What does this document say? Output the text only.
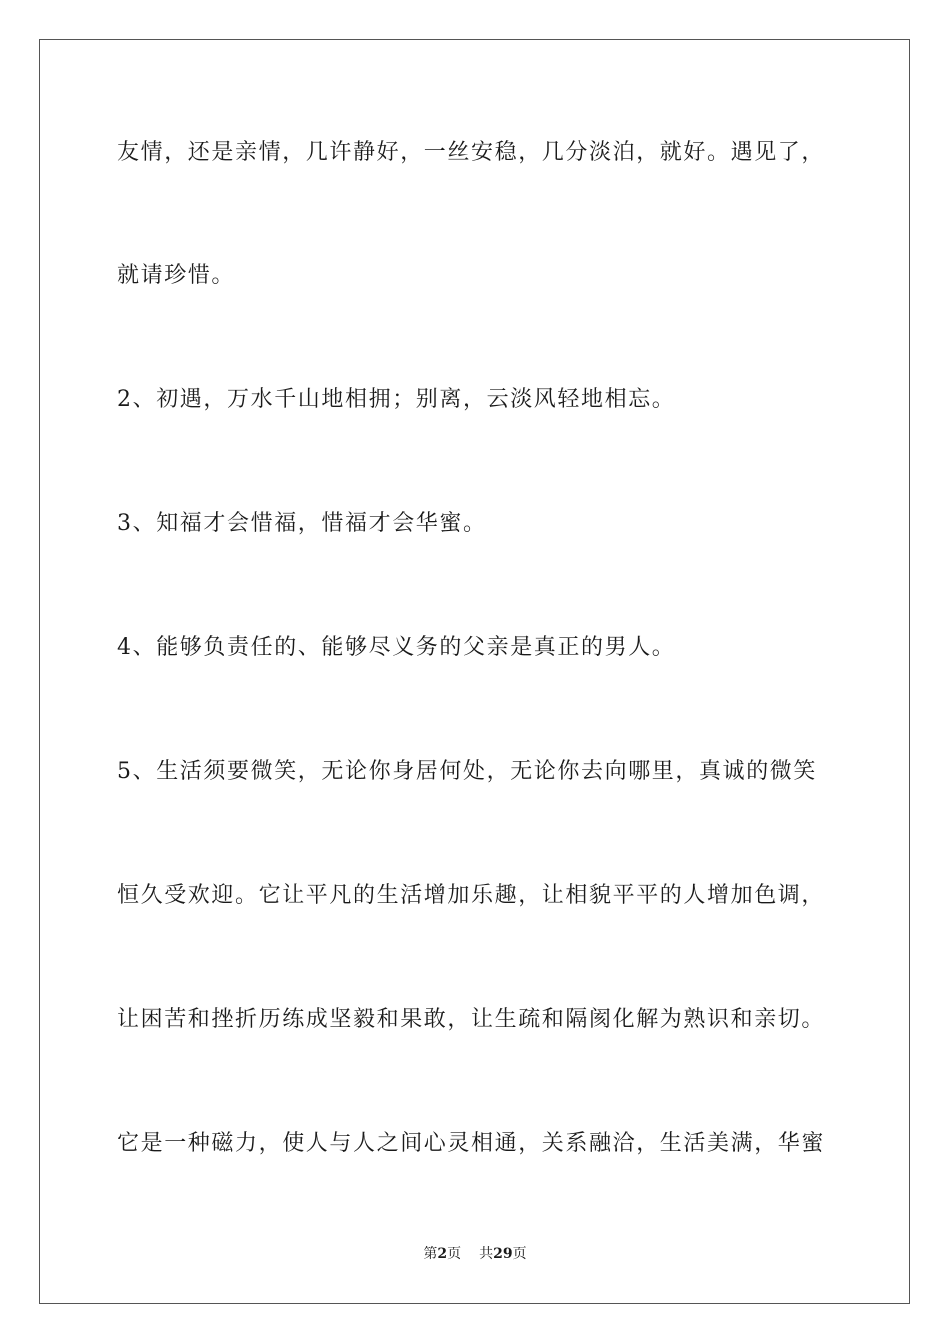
友情，还是亲情，几许静好，一丝安稳，几分淡泊，就好。遇见了，
就请珍惜。
2、初遇，万水千山地相拥；别离，云淡风轻地相忘。
3、知福才会惜福，惜福才会华蜜。
4、能够负责任的、能够尽义务的父亲是真正的男人。
5、生活须要微笑，无论你身居何处，无论你去向哪里，真诚的微笑
恒久受欢迎。它让平凡的生活增加乐趣，让相貌平平的人增加色调，
让困苦和挫折历练成坚毅和果敢，让生疏和隔阂化解为熟识和亲切。
它是一种磁力，使人与人之间心灵相通，关系融洽，生活美满，华蜜
第2页 共29页
